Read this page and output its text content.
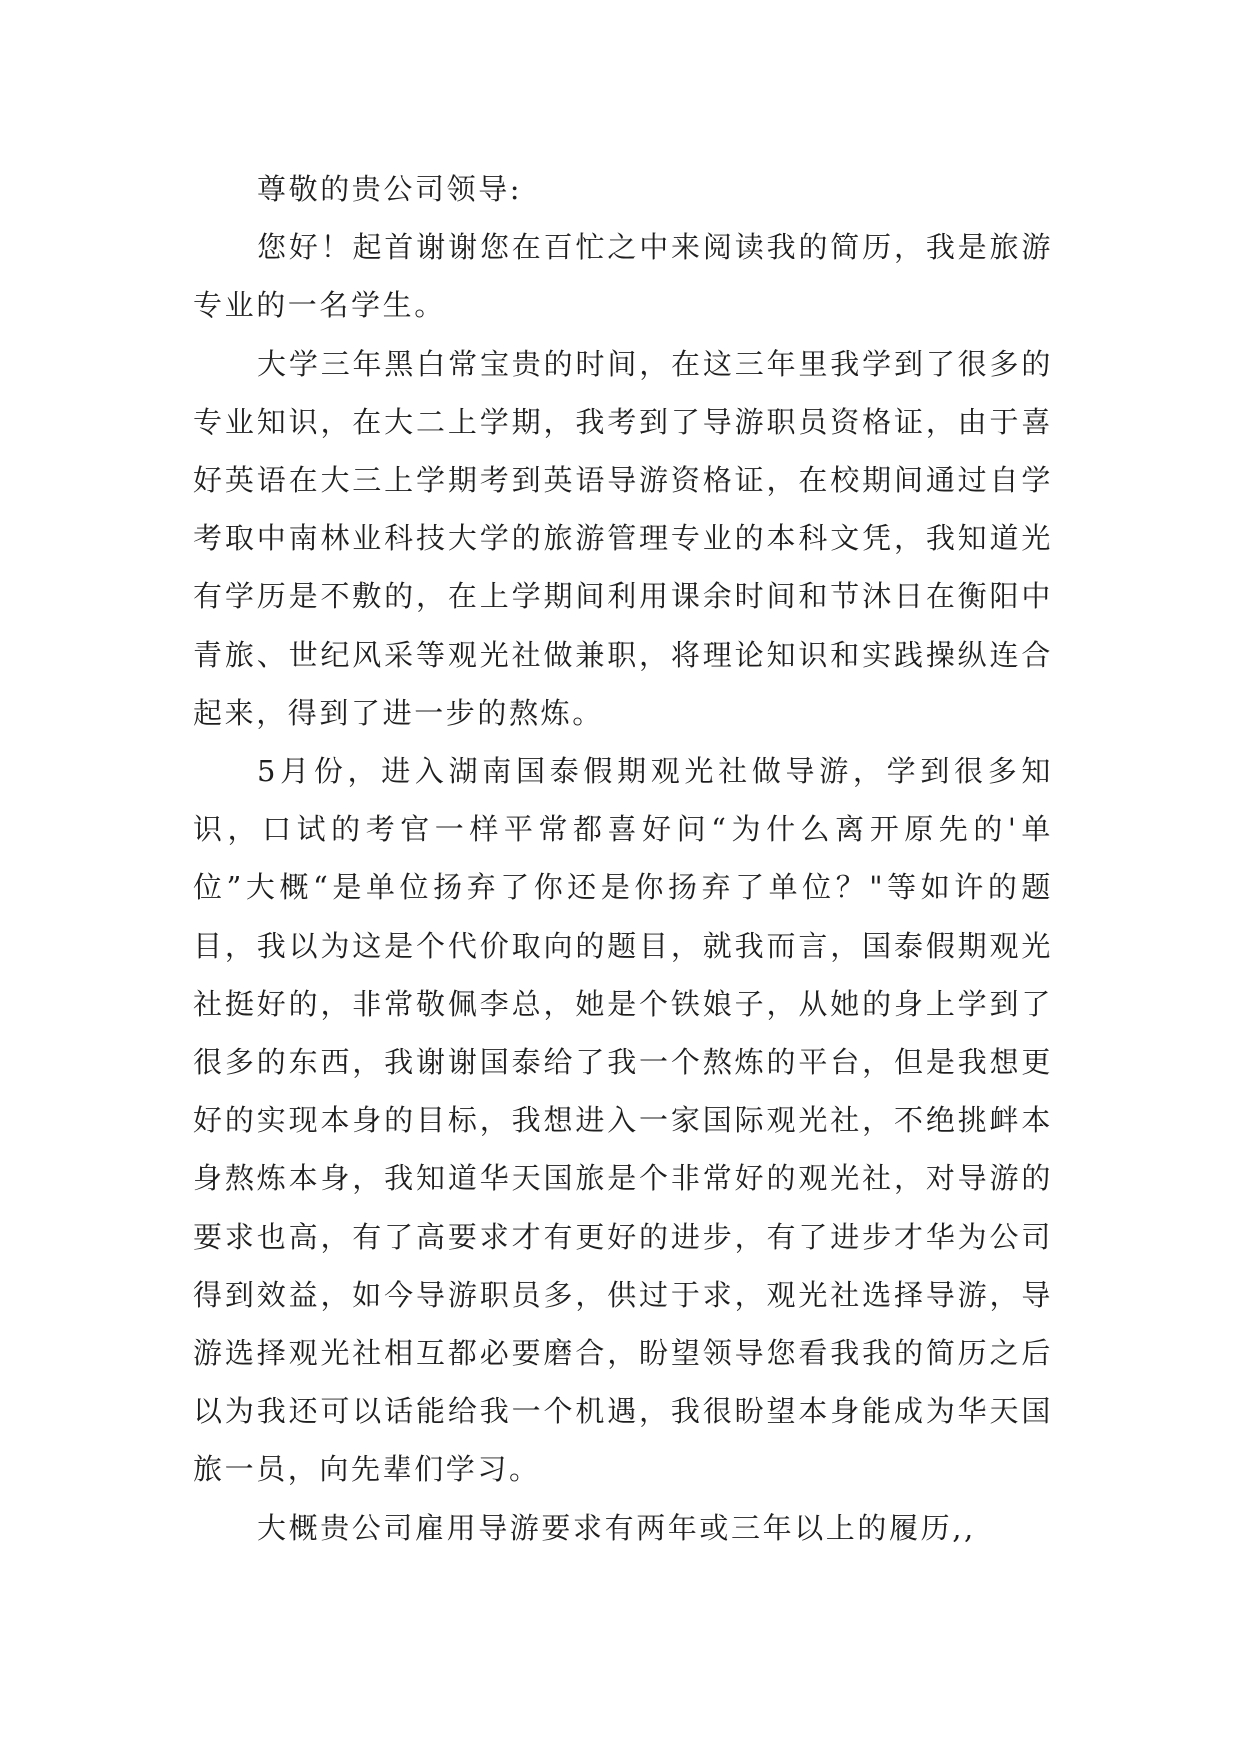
尊敬的贵公司领导:

您好！起首谢谢您在百忙之中来阅读我的简历，我是旅游专业的一名学生。

大学三年黑白常宝贵的时间，在这三年里我学到了很多的专业知识，在大二上学期，我考到了导游职员资格证，由于喜好英语在大三上学期考到英语导游资格证，在校期间通过自学考取中南林业科技大学的旅游管理专业的本科文凭，我知道光有学历是不敷的，在上学期间利用课余时间和节沐日在衡阳中青旅、世纪风采等观光社做兼职，将理论知识和实践操纵连合起来，得到了进一步的熬炼。

5月份，进入湖南国泰假期观光社做导游，学到很多知识，口试的考官一样平常都喜好问“为什么离开原先的'单位”大概“是单位扬弃了你还是你扬弃了单位？"等如许的题目，我以为这是个代价取向的题目，就我而言，国泰假期观光社挺好的，非常敬佩李总，她是个铁娘子，从她的身上学到了很多的东西，我谢谢国泰给了我一个熬炼的平台，但是我想更好的实现本身的目标，我想进入一家国际观光社，不绝挑衅本身熬炼本身，我知道华天国旅是个非常好的观光社，对导游的要求也高，有了高要求才有更好的进步，有了进步才华为公司得到效益，如今导游职员多，供过于求，观光社选择导游，导游选择观光社相互都必要磨合，盼望领导您看我我的简历之后以为我还可以话能给我一个机遇，我很盼望本身能成为华天国旅一员，向先辈们学习。

大概贵公司雇用导游要求有两年或三年以上的履历,,
